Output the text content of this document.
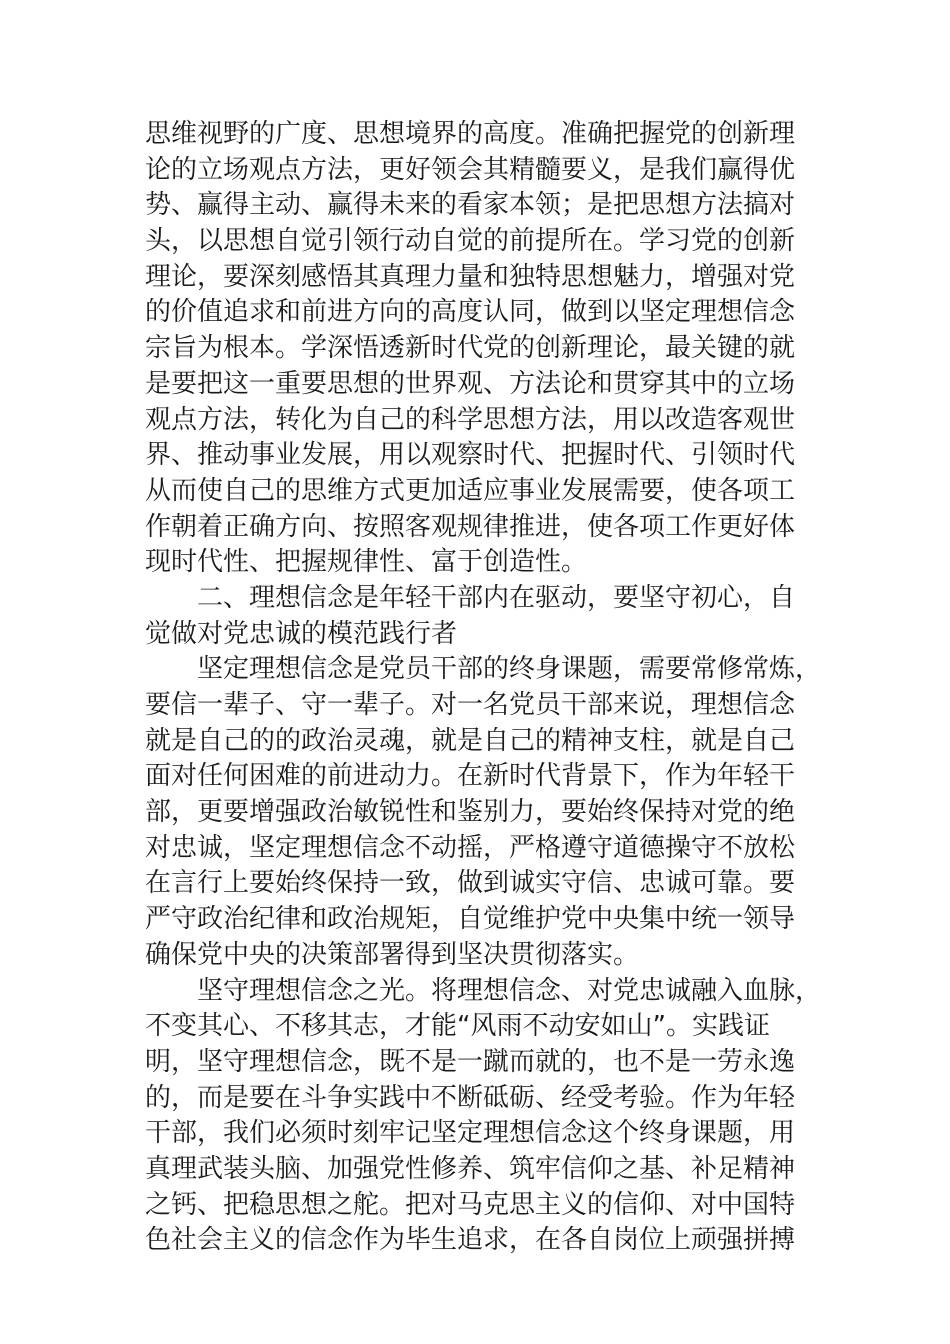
思维视野的广度、思想境界的高度。准确把握党的创新理
论的立场观点方法，更好领会其精髓要义，是我们赢得优
势、赢得主动、赢得未来的看家本领；是把思想方法搞对
头，以思想自觉引领行动自觉的前提所在。学习党的创新
理论，要深刻感悟其真理力量和独特思想魅力，增强对党
的价值追求和前进方向的高度认同，做到以坚定理想信念
宗旨为根本。学深悟透新时代党的创新理论，最关键的就
是要把这一重要思想的世界观、方法论和贯穿其中的立场
观点方法，转化为自己的科学思想方法，用以改造客观世
界、推动事业发展，用以观察时代、把握时代、引领时代
从而使自己的思维方式更加适应事业发展需要，使各项工
作朝着正确方向、按照客观规律推进，使各项工作更好体
现时代性、把握规律性、富于创造性。
二、理想信念是年轻干部内在驱动，要坚守初心，自
觉做对党忠诚的模范践行者
坚定理想信念是党员干部的终身课题，需要常修常炼，
要信一辈子、守一辈子。对一名党员干部来说，理想信念
就是自己的的政治灵魂，就是自己的精神支柱，就是自己
面对任何困难的前进动力。在新时代背景下，作为年轻干
部，更要增强政治敏锐性和鉴别力，要始终保持对党的绝
对忠诚，坚定理想信念不动摇，严格遵守道德操守不放松
在言行上要始终保持一致，做到诚实守信、忠诚可靠。要
严守政治纪律和政治规矩，自觉维护党中央集中统一领导
确保党中央的决策部署得到坚决贯彻落实。
坚守理想信念之光。将理想信念、对党忠诚融入血脉，
不变其心、不移其志，才能“风雨不动安如山”。实践证
明，坚守理想信念，既不是一蹴而就的，也不是一劳永逸
的，而是要在斗争实践中不断砥砺、经受考验。作为年轻
干部，我们必须时刻牢记坚定理想信念这个终身课题，用
真理武装头脑、加强党性修养、筑牢信仰之基、补足精神
之钙、把稳思想之舵。把对马克思主义的信仰、对中国特
色社会主义的信念作为毕生追求，在各自岗位上顽强拼搏
